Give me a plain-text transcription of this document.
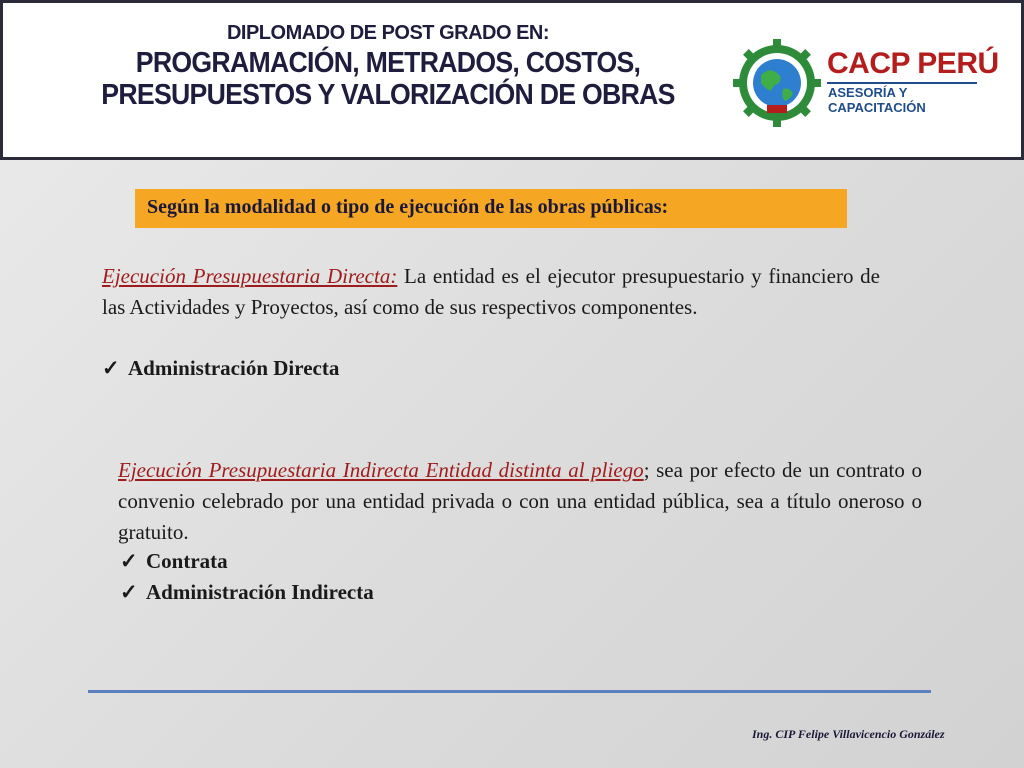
DIPLOMADO DE POST GRADO EN:
PROGRAMACIÓN, METRADOS, COSTOS,
PRESUPUESTOS Y VALORIZACIÓN DE OBRAS
CACP PERÚ
ASESORÍA Y CAPACITACIÓN
Según la modalidad o tipo de ejecución de las obras públicas:
Ejecución Presupuestaria Directa: La entidad es el ejecutor presupuestario y financiero de las Actividades y Proyectos, así como de sus respectivos componentes.
✓ Administración Directa
Ejecución Presupuestaria Indirecta Entidad distinta al pliego; sea por efecto de un contrato o convenio celebrado por una entidad privada o con una entidad pública, sea a título oneroso o gratuito.
✓ Contrata
✓ Administración Indirecta
Ing. CIP Felipe Villavicencio González
